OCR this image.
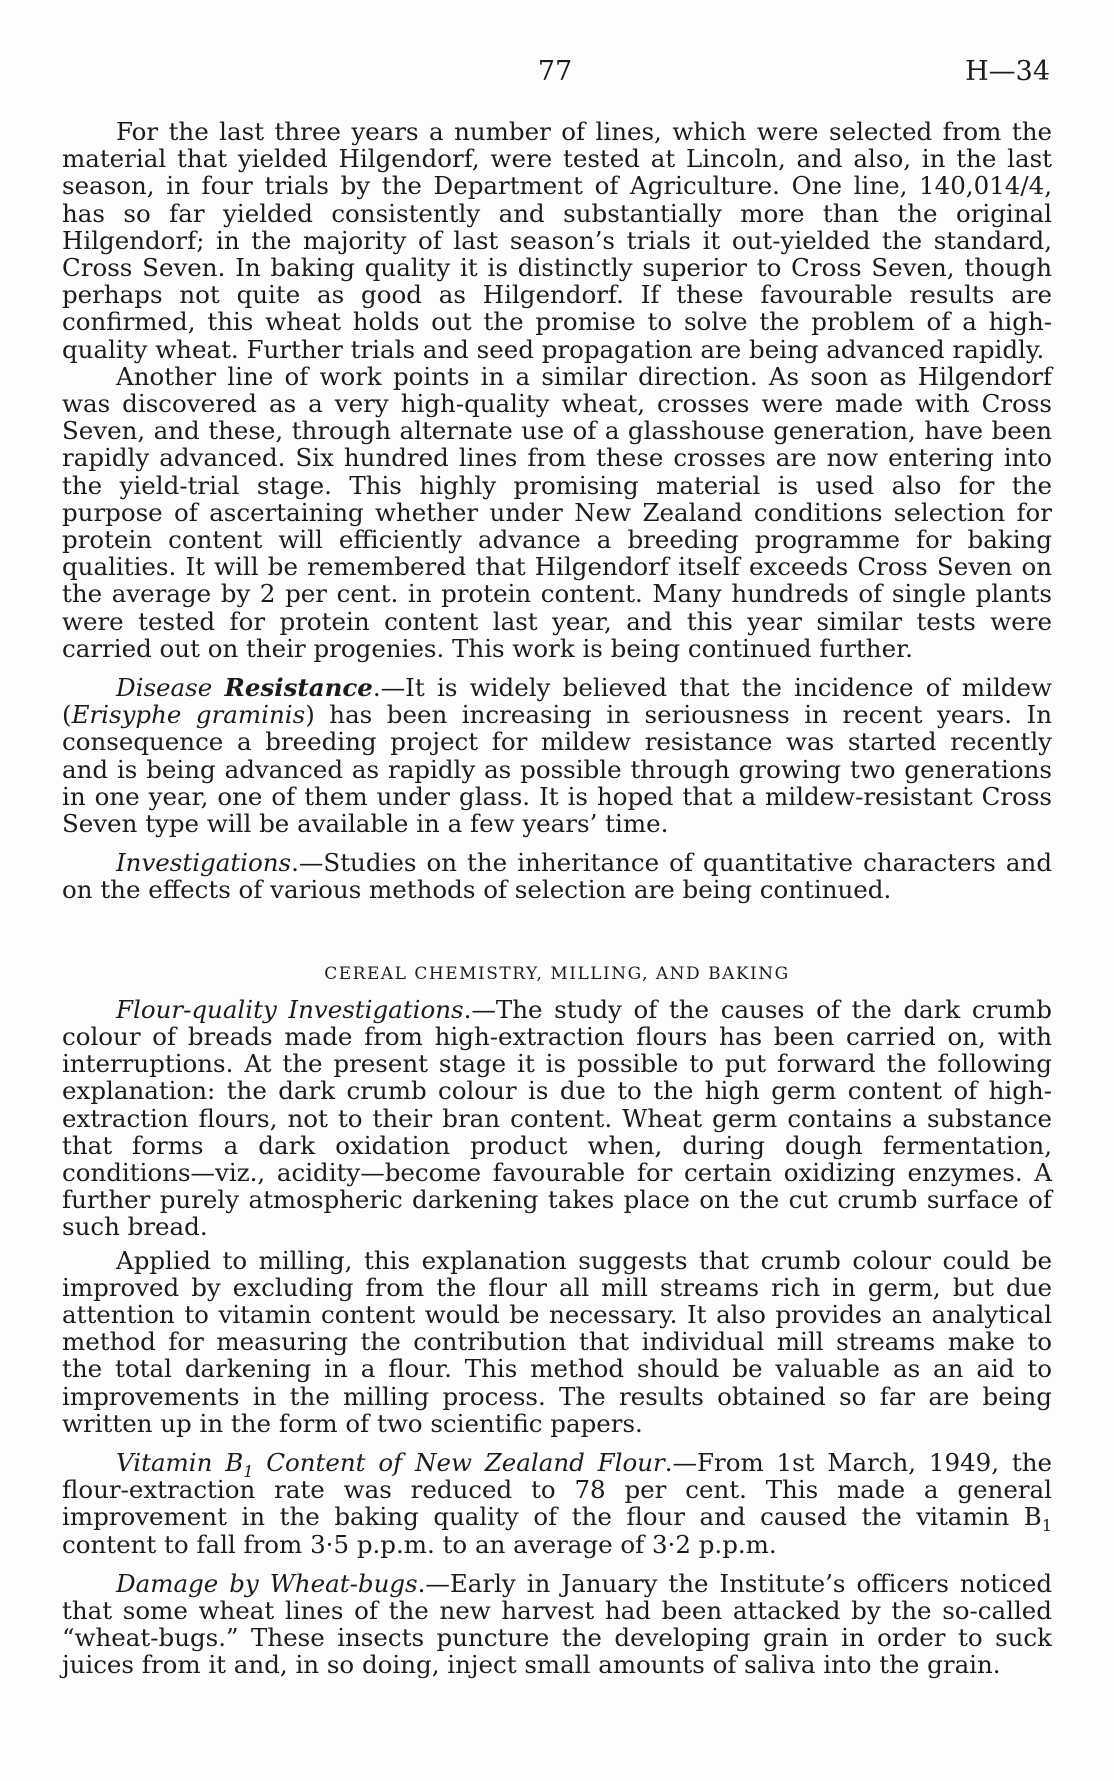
77	H—34

For the last three years a number of lines, which were selected from the material that yielded Hilgendorf, were tested at Lincoln, and also, in the last season, in four trials by the Department of Agriculture. One line, 140,014/4, has so far yielded consistently and substantially more than the original Hilgendorf; in the majority of last season’s trials it out-yielded the standard, Cross Seven. In baking quality it is distinctly superior to Cross Seven, though perhaps not quite as good as Hilgendorf. If these favourable results are confirmed, this wheat holds out the promise to solve the problem of a high-quality wheat. Further trials and seed propagation are being advanced rapidly.

Another line of work points in a similar direction. As soon as Hilgendorf was discovered as a very high-quality wheat, crosses were made with Cross Seven, and these, through alternate use of a glasshouse generation, have been rapidly advanced. Six hundred lines from these crosses are now entering into the yield-trial stage. This highly promising material is used also for the purpose of ascertaining whether under New Zealand conditions selection for protein content will efficiently advance a breeding programme for baking qualities. It will be remembered that Hilgendorf itself exceeds Cross Seven on the average by 2 per cent. in protein content. Many hundreds of single plants were tested for protein content last year, and this year similar tests were carried out on their progenies. This work is being continued further.

Disease Resistance.—It is widely believed that the incidence of mildew (Erisyphe graminis) has been increasing in seriousness in recent years. In consequence a breeding project for mildew resistance was started recently and is being advanced as rapidly as possible through growing two generations in one year, one of them under glass. It is hoped that a mildew-resistant Cross Seven type will be available in a few years’ time.

Investigations.—Studies on the inheritance of quantitative characters and on the effects of various methods of selection are being continued.

CEREAL CHEMISTRY, MILLING, AND BAKING

Flour-quality Investigations.—The study of the causes of the dark crumb colour of breads made from high-extraction flours has been carried on, with interruptions. At the present stage it is possible to put forward the following explanation: the dark crumb colour is due to the high germ content of high-extraction flours, not to their bran content. Wheat germ contains a substance that forms a dark oxidation product when, during dough fermentation, conditions—viz., acidity—become favourable for certain oxidizing enzymes. A further purely atmospheric darkening takes place on the cut crumb surface of such bread.

Applied to milling, this explanation suggests that crumb colour could be improved by excluding from the flour all mill streams rich in germ, but due attention to vitamin content would be necessary. It also provides an analytical method for measuring the contribution that individual mill streams make to the total darkening in a flour. This method should be valuable as an aid to improvements in the milling process. The results obtained so far are being written up in the form of two scientific papers.

Vitamin $B_1$ Content of New Zealand Flour.—From 1st March, 1949, the flour-extraction rate was reduced to 78 per cent. This made a general improvement in the baking quality of the flour and caused the vitamin $B_1$ content to fall from 3·5 p.p.m. to an average of 3·2 p.p.m.

Damage by Wheat-bugs.—Early in January the Institute’s officers noticed that some wheat lines of the new harvest had been attacked by the so-called “wheat-bugs.” These insects puncture the developing grain in order to suck juices from it and, in so doing, inject small amounts of saliva into the grain.
